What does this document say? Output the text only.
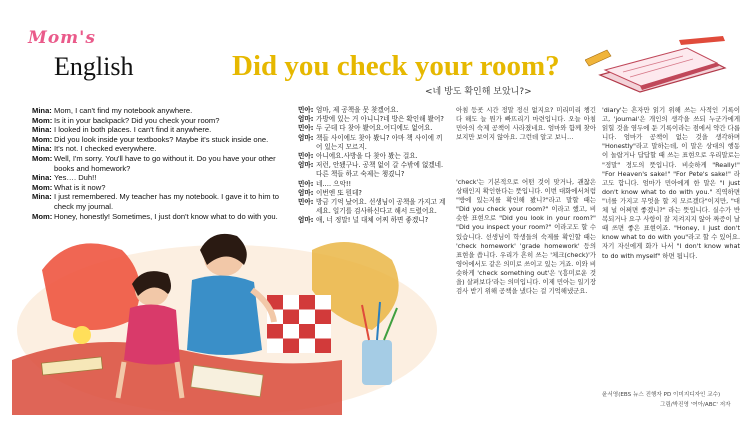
Mom's
English	Did you check your room?
<네 방도 확인해 보았니?>
Mina: Mom, I can't find my notebook anywhere.
Mom: Is it in your backpack? Did you check your room?
Mina: I looked in both places. I can't find it anywhere.
Mom: Did you look inside your textbooks? Maybe it's stuck inside one.
Mina: It's not. I checked everywhere.
Mom: Well, I'm sorry. You'll have to go without it. Do you have your other books and homework?
Mina: Yes…. Duh!!
Mom: What is it now?
Mina: I just remembered. My teacher has my notebook. I gave it to him to check my journal.
Mom: Honey, honestly! Sometimes, I just don't know what to do with you.
민아: 엄마, 제 공책을 못 찾겠어요.
엄마: 가방에 있는 거 아니니?네 방은 확인해 봤어?
민아: 두 군데 다 찾아 봤어요.어디에도 없어요.
엄마: 책들 사이에도 찾아 봤니? 아마 책 사이에 끼어 있는지 모르지.
민아: 아니에요.사방을 다 찾아 봤는 걸요.
엄마: 저런, 안됐구나. 공책 없이 갈 수밖에 없겠네. 다른 책들 하고 숙제는 챙겼니?
민아: 네…. 으악!!
엄마: 이번엔 또 뭔데?
민아: 방금 기억 났어요. 선생님이 공책을 가지고 계세요. 일기를 검사하신다고 해서 드렸어요.
엄마: 애, 너 정말! 널 대체 어찌 하면 좋겠니?
아침 등굣 시간 정말 정신 없지요? 미리미리 챙긴다 해도 늘 뭔가 빠뜨리기 마련입니다. 오늘 아침 민아의 숙제 공책이 사라졌네요. 엄마와 함께 찾아보지만 보이지 않아요. 그런데 알고 보니…
'check'는 기본적으로 어떤 것이 맞거나, 괜찮은 상태인지 확인한다는 뜻입니다. 이번 대화에서처럼 "방에 있는지를 확인해 봤니?"라고 말할 때는 "Did you check your room?" 이라고 했고, 비슷한 표현으로 "Did you look in your room?" "Did you inspect your room?" 이라고도 할 수 있습니다. 선생님이 학생들의 숙제를 확인할 때는 'check homework' 'grade homework' 등의 표현을 씁니다. 우리가 흔히 쓰는 '체크(check)'가 영어에서도 같은 의미로 쓰이고 있는 거죠. 이와 비슷하게 'check something out'은 '(흥미로운 것을) 살펴보다'라는 의미입니다. 이제 민아는 일기장 검사 받기 위해 공책을 냈다는 걸 기억해냈군요.
'diary'는 흔자만 읽기 위해 쓰는 사적인 기록이고, 'journal'은 개인의 생각을 쓰되 누군가에게 읽힐 것을 염두에 둔 기록이라는 점에서 약간 다릅니다. 엄마가 공책이 없는 것을 생각하며 "Honestly"라고 말하는데, 이 말은 상대의 행동이 놀랍거나 답답할 때 쓰는 표현으로 우리말로는 "정말" 정도의 뜻입니다. 비슷하게 "Really!" "For Heaven's sake!" "For Pete's sake!" 라고도 합니다. 엄마가 민아에게 한 말은 "I just don't know what to do with you." 직역하면 "너를 가지고 무엇을 할 지 모르겠다"이지만, "대체 널 어쩌면 좋겠니?" 라는 뜻입니다. 실수가 반복되거나 요구 사항이 잘 지켜지지 않아 짜증이 날 때 쓰면 좋은 표현이죠. "Honey, I just don't know what to do with you"라고 할 수 있어요. 자기 자신에게 화가 나서 "I don't know what to do with myself" 하면 됩니다.
윤서영(EBS 뉴스 진행자 PD 이미지디자인 교수)
그림/박진영 '여아/ABC' 저자
